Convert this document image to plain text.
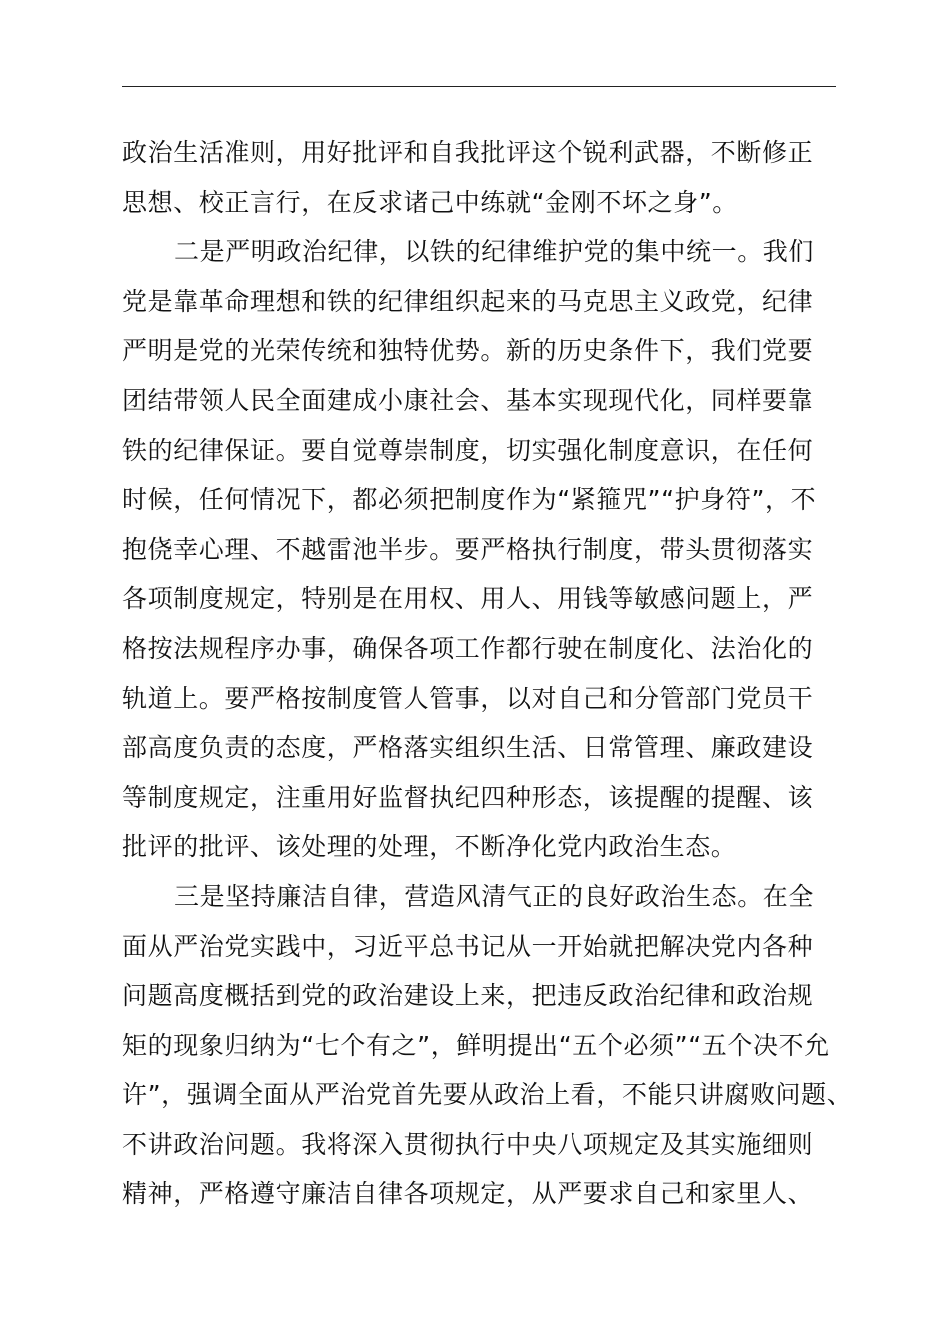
政治生活准则，用好批评和自我批评这个锐利武器，不断修正
思想、校正言行，在反求诸己中练就“金刚不坏之身”。
二是严明政治纪律，以铁的纪律维护党的集中统一。我们
党是靠革命理想和铁的纪律组织起来的马克思主义政党，纪律
严明是党的光荣传统和独特优势。新的历史条件下，我们党要
团结带领人民全面建成小康社会、基本实现现代化，同样要靠
铁的纪律保证。要自觉尊崇制度，切实强化制度意识，在任何
时候，任何情况下，都必须把制度作为“紧箍咒”“护身符”，不
抱侥幸心理、不越雷池半步。要严格执行制度，带头贯彻落实
各项制度规定，特别是在用权、用人、用钱等敏感问题上，严
格按法规程序办事，确保各项工作都行驶在制度化、法治化的
轨道上。要严格按制度管人管事，以对自己和分管部门党员干
部高度负责的态度，严格落实组织生活、日常管理、廉政建设
等制度规定，注重用好监督执纪四种形态，该提醒的提醒、该
批评的批评、该处理的处理，不断净化党内政治生态。
三是坚持廉洁自律，营造风清气正的良好政治生态。在全
面从严治党实践中，习近平总书记从一开始就把解决党内各种
问题高度概括到党的政治建设上来，把违反政治纪律和政治规
矩的现象归纳为“七个有之”，鲜明提出“五个必须”“五个决不允
许”，强调全面从严治党首先要从政治上看，不能只讲腐败问题、
不讲政治问题。我将深入贯彻执行中央八项规定及其实施细则
精神，严格遵守廉洁自律各项规定，从严要求自己和家里人、
